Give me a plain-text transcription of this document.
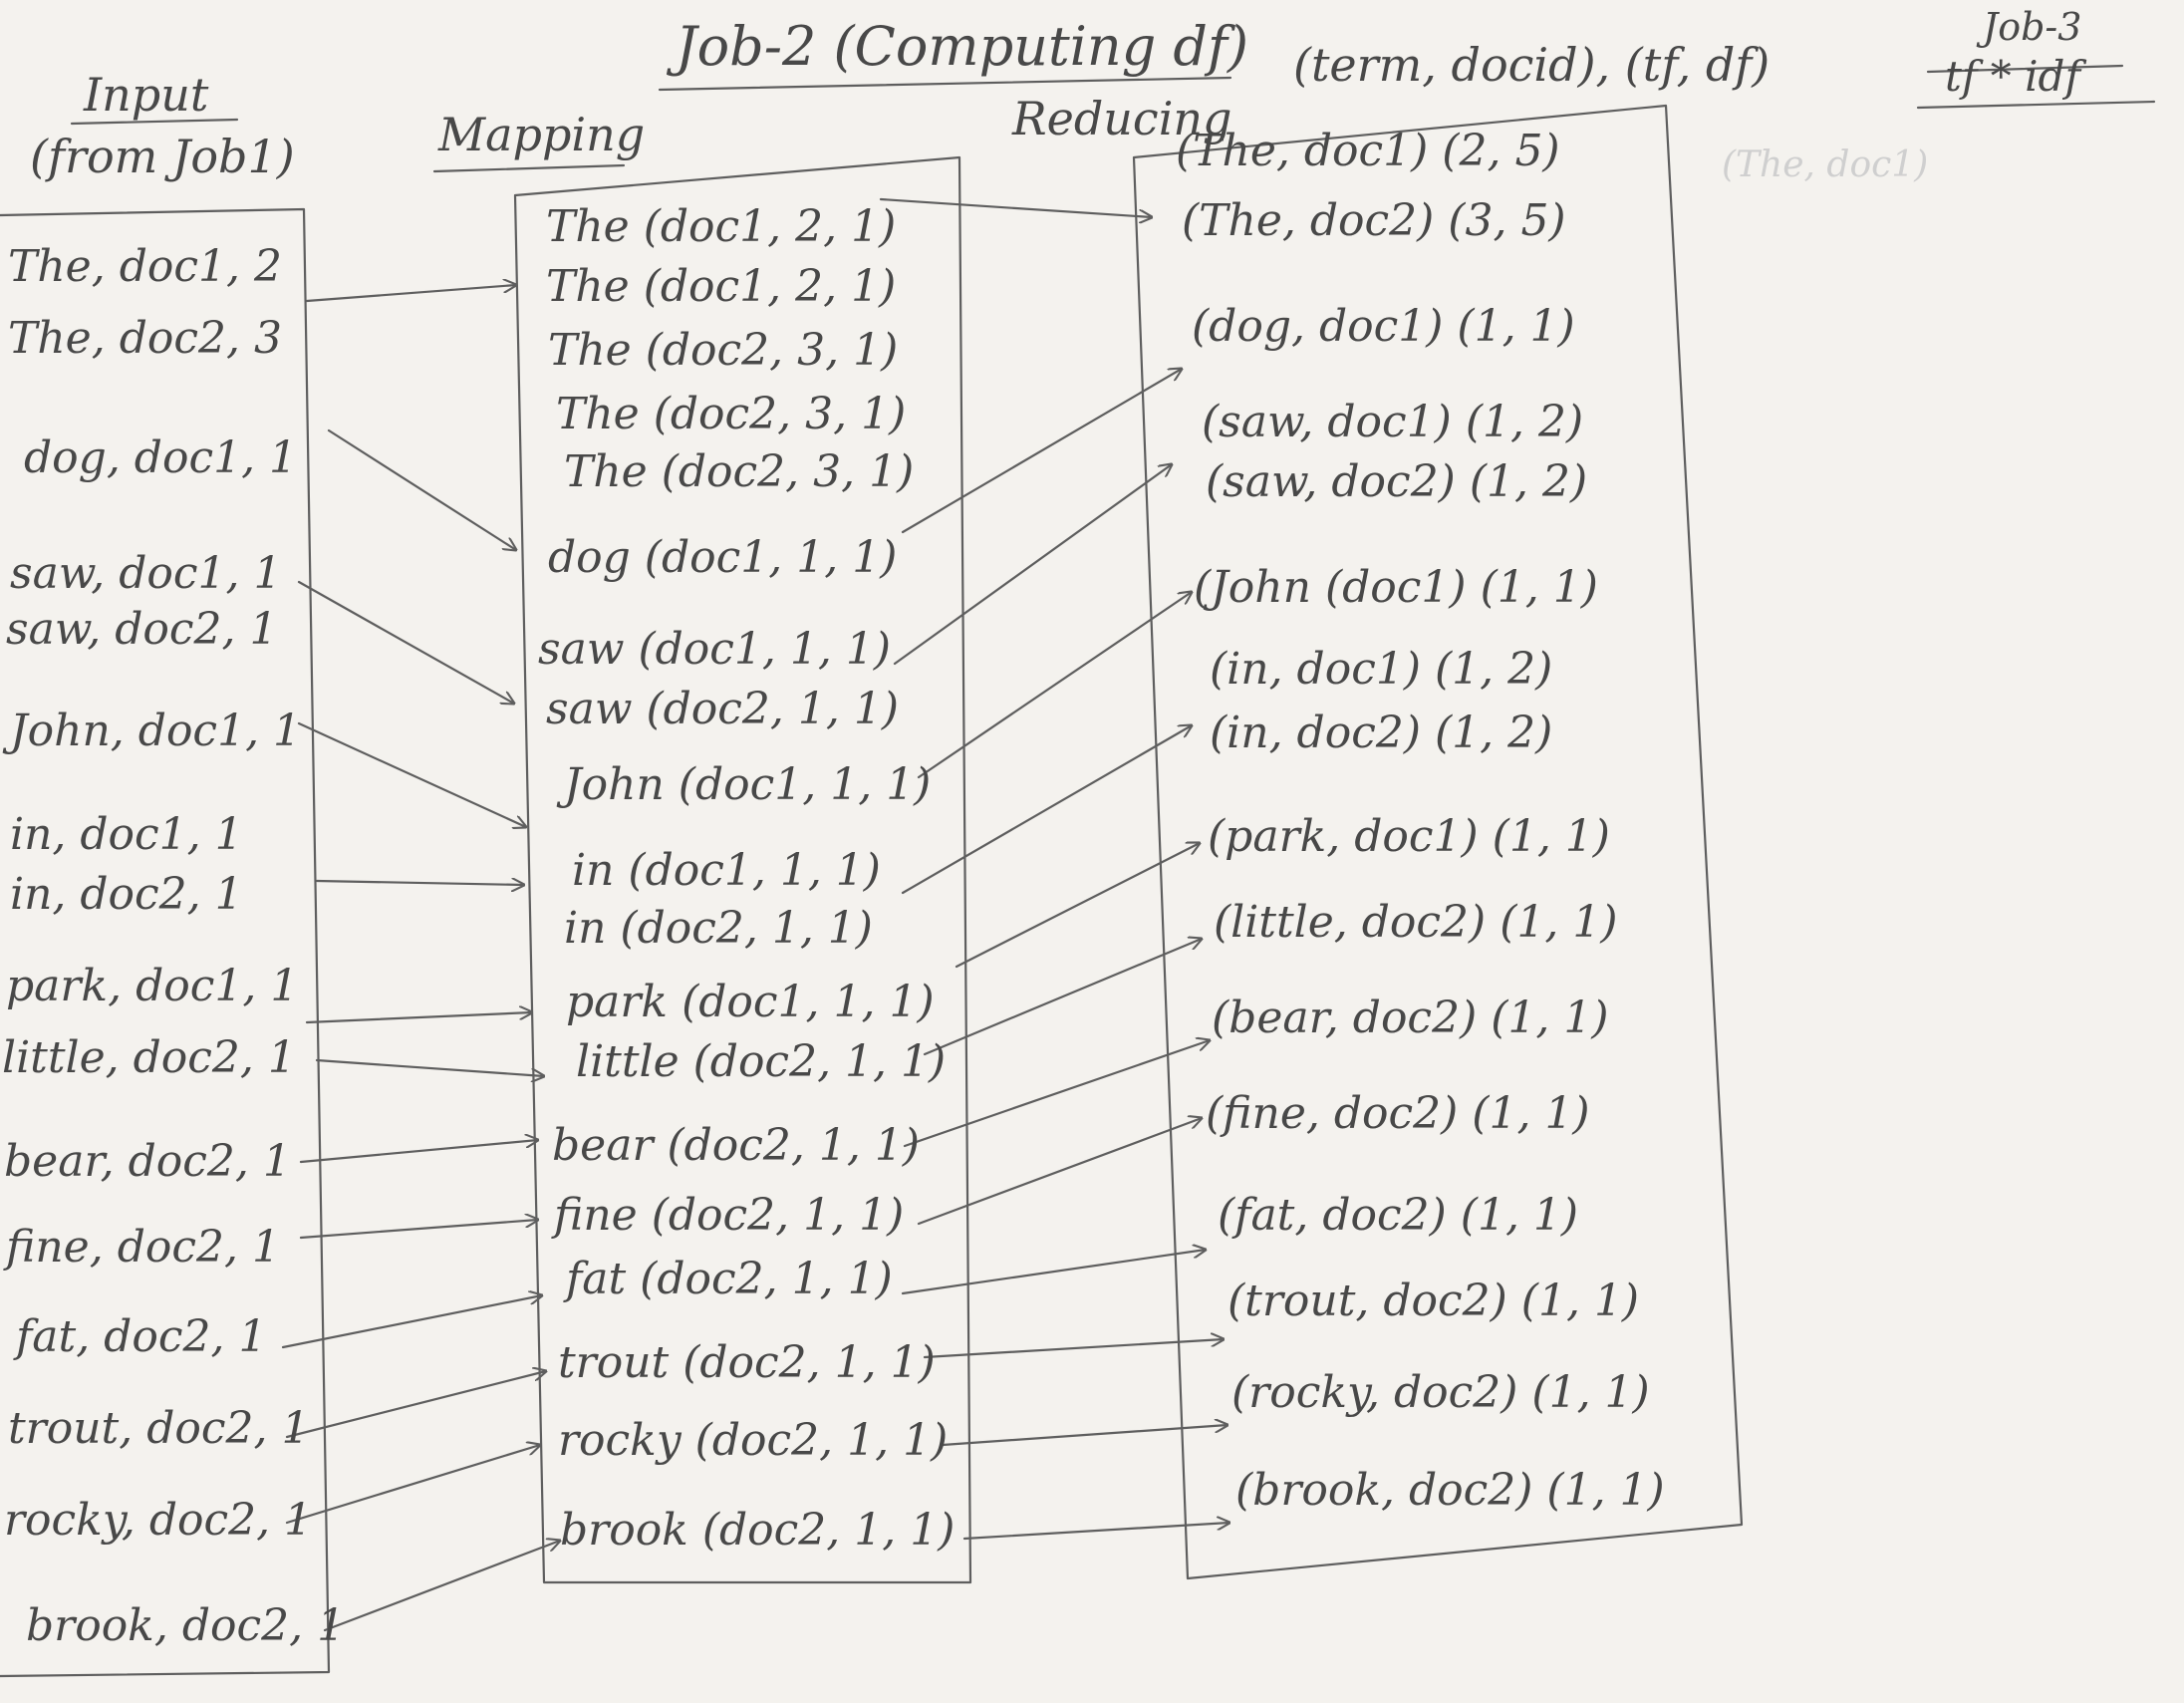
Job-2 (Computing df)	Job-3
tf * idf
(term, docid), (tf, df)
(The, doc1)
Input
(from Job1)	Mapping	Reducing
The, doc1, 2
The, doc2, 3
dog, doc1, 1
saw, doc1, 1
saw, doc2, 1
John, doc1, 1
in, doc1, 1
in, doc2, 1
park, doc1, 1
little, doc2, 1
bear, doc2, 1
fine, doc2, 1
fat, doc2, 1
trout, doc2, 1
rocky, doc2, 1
brook, doc2, 1
The (doc1, 2, 1)
The (doc1, 2, 1)
The (doc2, 3, 1)
The (doc2, 3, 1)
The (doc2, 3, 1)
dog (doc1, 1, 1)
saw (doc1, 1, 1)
saw (doc2, 1, 1)
John (doc1, 1, 1)
in (doc1, 1, 1)
in (doc2, 1, 1)
park (doc1, 1, 1)
little (doc2, 1, 1)
bear (doc2, 1, 1)
fine (doc2, 1, 1)
fat (doc2, 1, 1)
trout (doc2, 1, 1)
rocky (doc2, 1, 1)
brook (doc2, 1, 1)
(The, doc1) (2, 5)
(The, doc2) (3, 5)
(dog, doc1) (1, 1)
(saw, doc1) (1, 2)
(saw, doc2) (1, 2)
(John (doc1) (1, 1)
(in, doc1) (1, 2)
(in, doc2) (1, 2)
(park, doc1) (1, 1)
(little, doc2) (1, 1)
(bear, doc2) (1, 1)
(fine, doc2) (1, 1)
(fat, doc2) (1, 1)
(trout, doc2) (1, 1)
(rocky, doc2) (1, 1)
(brook, doc2) (1, 1)
